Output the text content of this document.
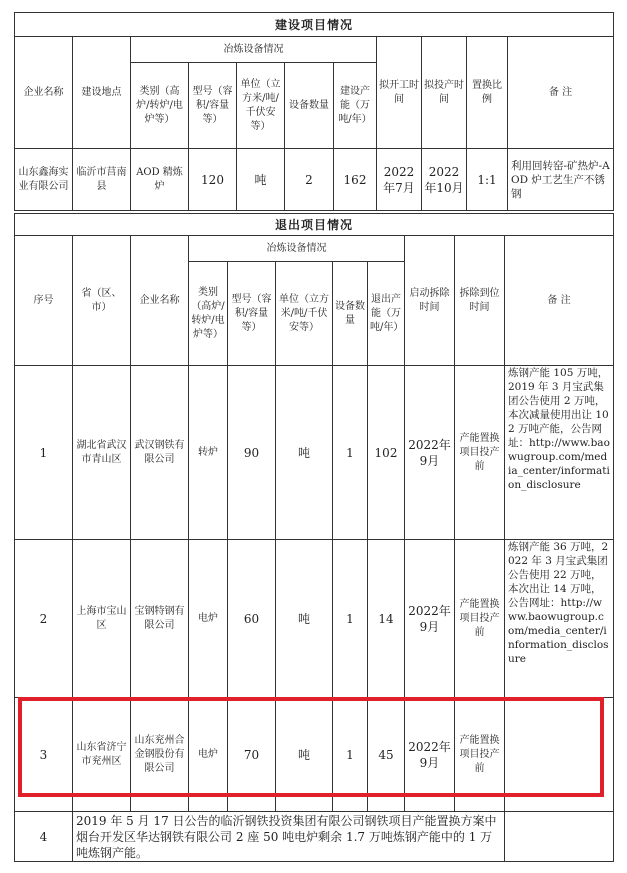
建设项目情况										
企业名称	建设地点	冶炼设备情况					拟开工时间	拟投产时间	置换比例	备 注
		类别（高炉/转炉/电炉等）	型号（容积/容量等）	单位（立方米/吨/千伏安等）	设备数量	建设产能（万吨/年）				
山东鑫海实业有限公司	临沂市莒南县	AOD 精炼炉	120	吨	2	162	2022年7月	2022年10月	1:1	利用回转窑-矿热炉-AOD 炉工艺生产不锈钢
退出项目情况										
序号	省（区、市）	企业名称	冶炼设备情况					启动拆除时间	拆除到位时间	备 注
			类别（高炉/转炉/电炉等）	型号（容积/容量等）	单位（立方米/吨/千伏安等）	设备数量	退出产能（万吨/年）			
1	湖北省武汉市青山区	武汉钢铁有限公司	转炉	90	吨	1	102	2022年9月	产能置换项目投产前	炼钢产能 105 万吨，2019 年 3 月宝武集团公告使用 2 万吨，本次减量使用出让 102 万吨产能，公告网址：http://www.baowugroup.com/media_center/information_disclosure
2	上海市宝山区	宝钢特钢有限公司	电炉	60	吨	1	14	2022年9月	产能置换项目投产前	炼钢产能 36 万吨，2022 年 3 月宝武集团公告使用 22 万吨，本次出让 14 万吨，公告网址：http://www.baowugroup.com/media_center/information_disclosure
3	山东省济宁市兖州区	山东兖州合金钢股份有限公司	电炉	70	吨	1	45	2022年9月	产能置换项目投产前	
4	2019 年 5 月 17 日公告的临沂钢铁投资集团有限公司钢铁项目产能置换方案中烟台开发区华达钢铁有限公司 2 座 50 吨电炉剩余 1.7 万吨炼钢产能中的 1 万吨炼钢产能。									
